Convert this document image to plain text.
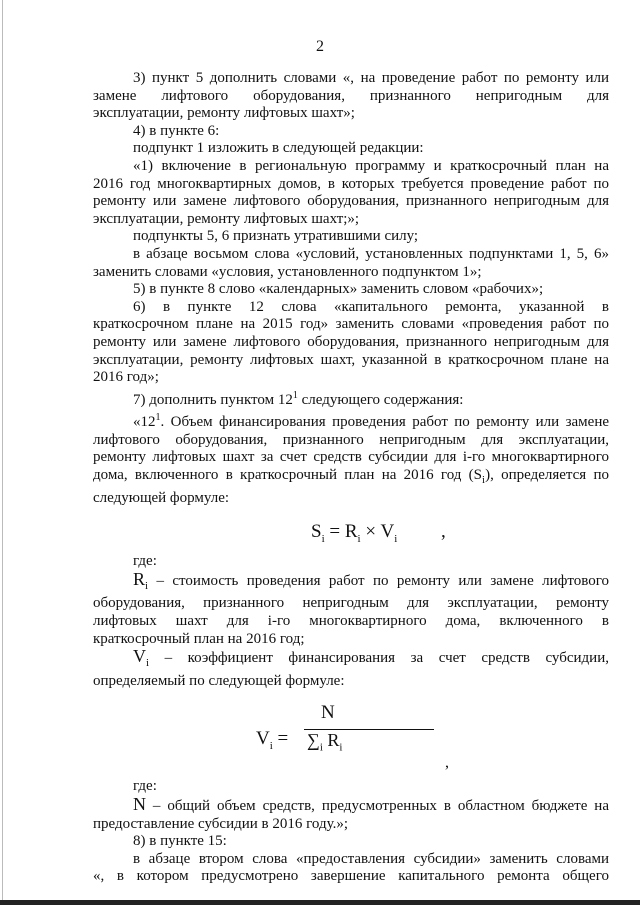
2

3) пункт 5 дополнить словами «, на проведение работ по ремонту или

замене лифтового оборудования, признанного непригодным для

эксплуатации, ремонту лифтовых шахт»;

4) в пункте 6:

подпункт 1 изложить в следующей редакции:

«1) включение в региональную программу и краткосрочный план на

2016 год многоквартирных домов, в которых требуется проведение работ по

ремонту или замене лифтового оборудования, признанного непригодным для

эксплуатации, ремонту лифтовых шахт;»;

подпункты 5, 6 признать утратившими силу;

в абзаце восьмом слова «условий, установленных подпунктами 1, 5, 6»

заменить словами «условия, установленного подпунктом 1»;

5) в пункте 8 слово «календарных» заменить словом «рабочих»;

6) в пункте 12 слова «капитального ремонта, указанной в

краткосрочном плане на 2015 год» заменить словами «проведения работ по

ремонту или замене лифтового оборудования, признанного непригодным для

эксплуатации, ремонту лифтовых шахт, указанной в краткосрочном плане на

2016 год»;

7) дополнить пунктом $12^1$ следующего содержания:

«$12^1$. Объем финансирования проведения работ по ремонту или замене

лифтового оборудования, признанного непригодным для эксплуатации,

ремонту лифтовых шахт за счет средств субсидии для i-го многоквартирного

дома, включенного в краткосрочный план на 2016 год $(S_i)$, определяется по

следующей формуле:

$S_i = R_i \times V_i$ ,

где:

$R_i$ – стоимость проведения работ по ремонту или замене лифтового

оборудования, признанного непригодным для эксплуатации, ремонту

лифтовых шахт для i-го многоквартирного дома, включенного в

краткосрочный план на 2016 год;

$V_i$ – коэффициент финансирования за счет средств субсидии,

определяемый по следующей формуле:

$V_i$ =
N
$\sum_i$ $R_i$
,

где:

N – общий объем средств, предусмотренных в областном бюджете на

предоставление субсидии в 2016 году.»;

8) в пункте 15:

в абзаце втором слова «предоставления субсидии» заменить словами

«, в котором предусмотрено завершение капитального ремонта общего
